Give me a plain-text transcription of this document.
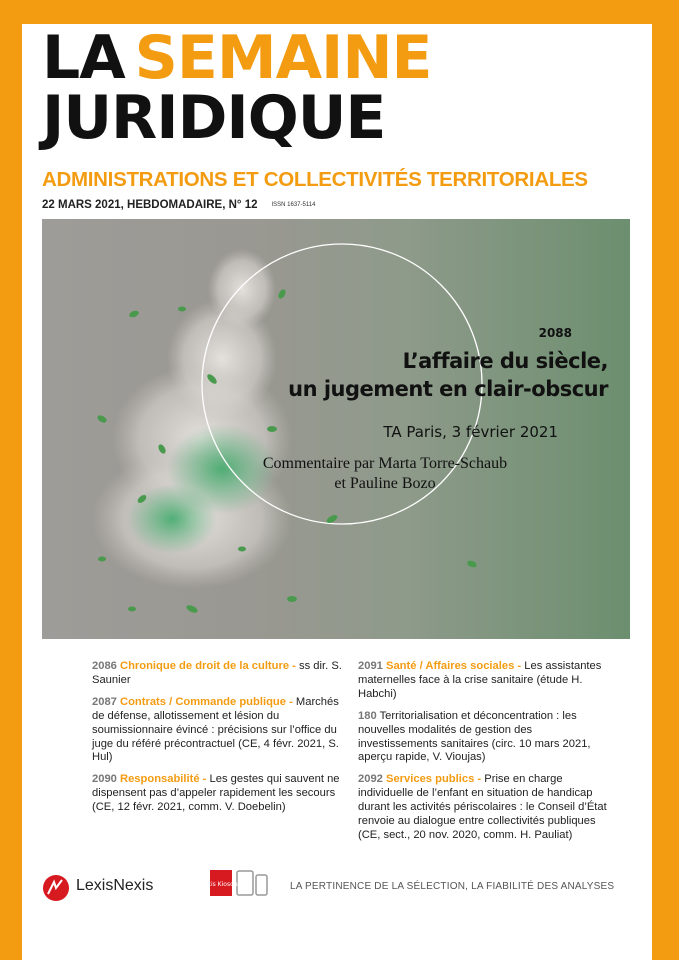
LA SEMAINE
JURIDIQUE
ADMINISTRATIONS ET COLLECTIVITÉS TERRITORIALES
22 MARS 2021, HEBDOMADAIRE, N° 12 ISSN 1637-5114
2088
L’affaire du siècle,
un jugement en clair-obscur
TA Paris, 3 février 2021
Commentaire par Marta Torre-Schaub
et Pauline Bozo
2086 Chronique de droit de la culture - ss dir. S. Saunier
2087 Contrats / Commande publique - Marchés de défense, allotissement et lésion du soumissionnaire évincé : précisions sur l’office du juge du référé précontractuel (CE, 4 févr. 2021, S. Hul)
2090 Responsabilité - Les gestes qui sauvent ne dispensent pas d’appeler rapidement les secours (CE, 12 févr. 2021, comm. V. Doebelin)
2091 Santé / Affaires sociales - Les assistantes maternelles face à la crise sanitaire (étude H. Habchi)
180 Territorialisation et déconcentration : les nouvelles modalités de gestion des investissements sanitaires (circ. 10 mars 2021, aperçu rapide, V. Vioujas)
2092 Services publics - Prise en charge individuelle de l’enfant en situation de handicap durant les activités périscolaires : le Conseil d’État renvoie au dialogue entre collectivités publiques (CE, sect., 20 nov. 2020, comm. H. Pauliat)
LexisNexis	Lexis Kiosque	LA PERTINENCE DE LA SÉLECTION, LA FIABILITÉ DES ANALYSES
